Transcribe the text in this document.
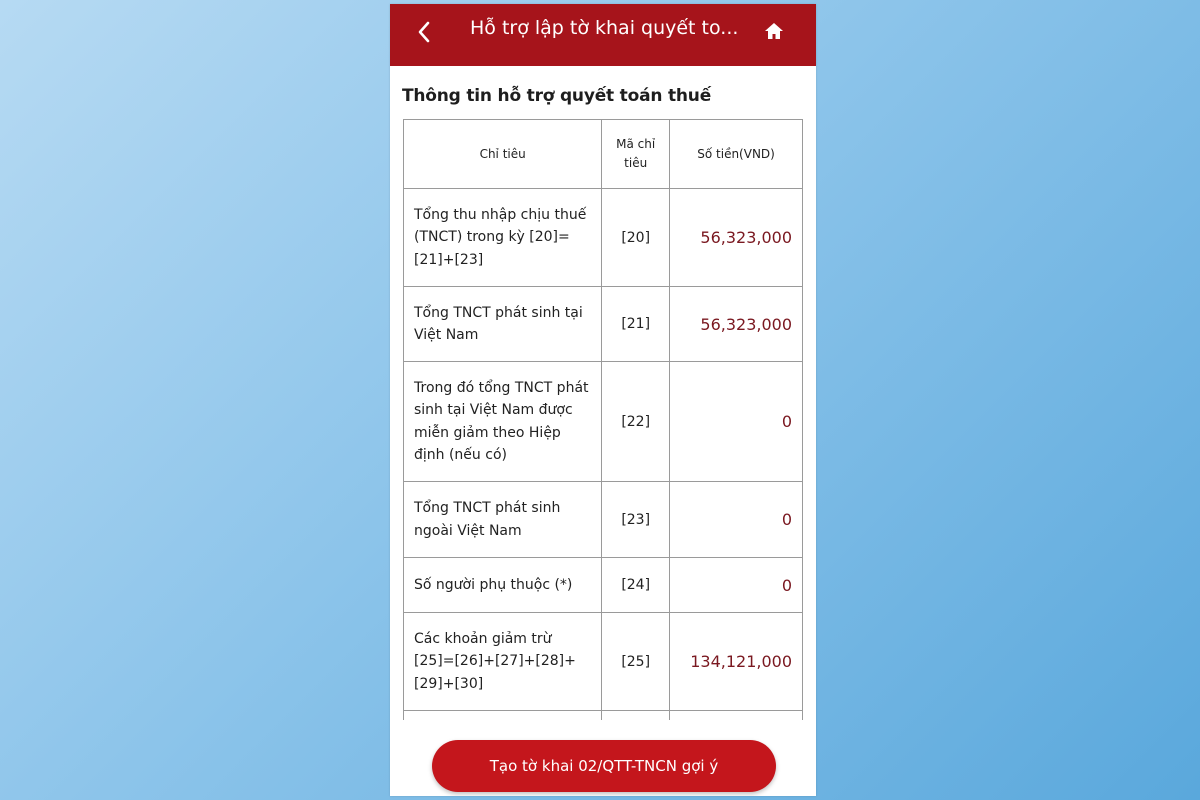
Hỗ trợ lập tờ khai quyết to...
Thông tin hỗ trợ quyết toán thuế
Chỉ tiêu	Mã chỉ tiêu	Số tiền(VND)
Tổng thu nhập chịu thuế (TNCT) trong kỳ [20]=[21]+[23]	[20]	56,323,000
Tổng TNCT phát sinh tại Việt Nam	[21]	56,323,000
Trong đó tổng TNCT phát sinh tại Việt Nam được miễn giảm theo Hiệp định (nếu có)	[22]	0
Tổng TNCT phát sinh ngoài Việt Nam	[23]	0
Số người phụ thuộc (*)	[24]	0
Các khoản giảm trừ [25]=[26]+[27]+[28]+[29]+[30]	[25]	134,121,000

Tạo tờ khai 02/QTT-TNCN gợi ý
